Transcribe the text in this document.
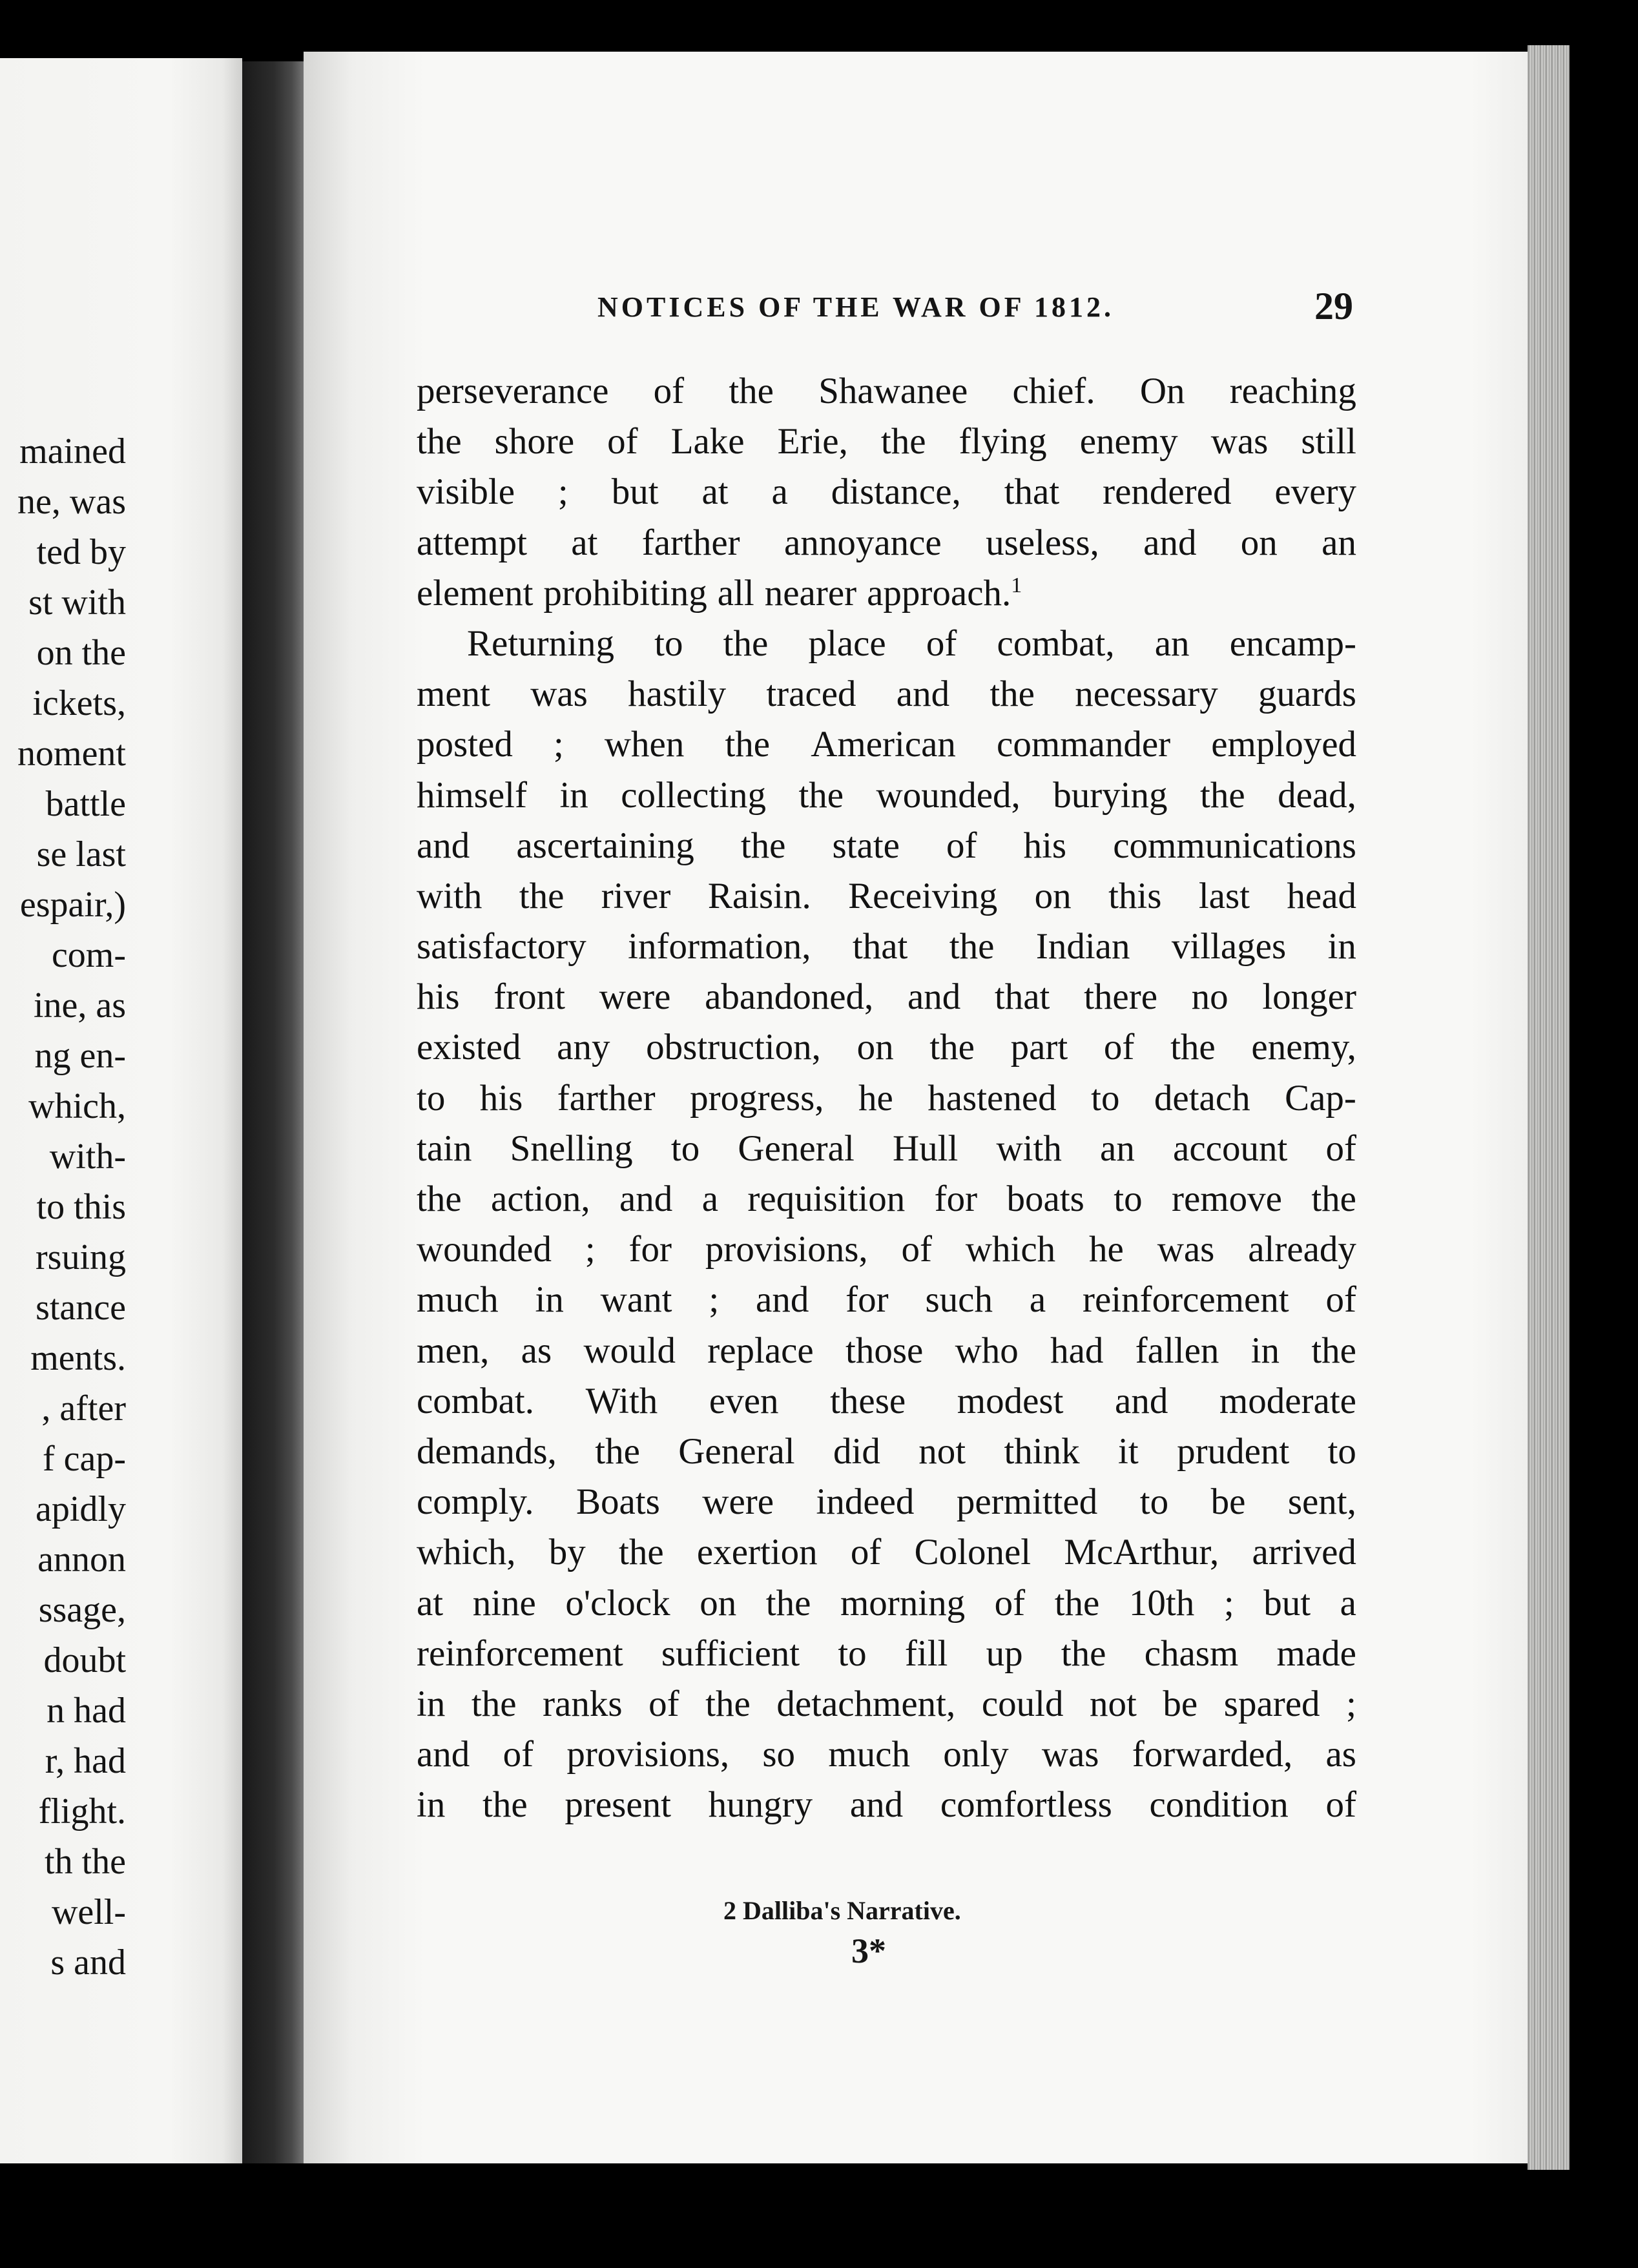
mained
ne, was
ted by
st with
on the
ickets,
noment
battle
se last
espair,)
com-
ine, as
ng en-
which,
with-
to this
rsuing
stance
ments.
, after
f cap-
apidly
annon
ssage,
doubt
n had
r, had
flight.
th the
well-
s and
NOTICES OF THE WAR OF 1812.	29
perseverance of the Shawanee chief. On reaching
the shore of Lake Erie, the flying enemy was still
visible ; but at a distance, that rendered every
attempt at farther annoyance useless, and on an
element prohibiting all nearer approach.$^1$
Returning to the place of combat, an encamp-
ment was hastily traced and the necessary guards
posted ; when the American commander employed
himself in collecting the wounded, burying the dead,
and ascertaining the state of his communications
with the river Raisin. Receiving on this last head
satisfactory information, that the Indian villages in
his front were abandoned, and that there no longer
existed any obstruction, on the part of the enemy,
to his farther progress, he hastened to detach Cap-
tain Snelling to General Hull with an account of
the action, and a requisition for boats to remove the
wounded ; for provisions, of which he was already
much in want ; and for such a reinforcement of
men, as would replace those who had fallen in the
combat. With even these modest and moderate
demands, the General did not think it prudent to
comply. Boats were indeed permitted to be sent,
which, by the exertion of Colonel McArthur, arrived
at nine o'clock on the morning of the 10th ; but a
reinforcement sufficient to fill up the chasm made
in the ranks of the detachment, could not be spared ;
and of provisions, so much only was forwarded, as
in the present hungry and comfortless condition of
2 Dalliba's Narrative.
3*
